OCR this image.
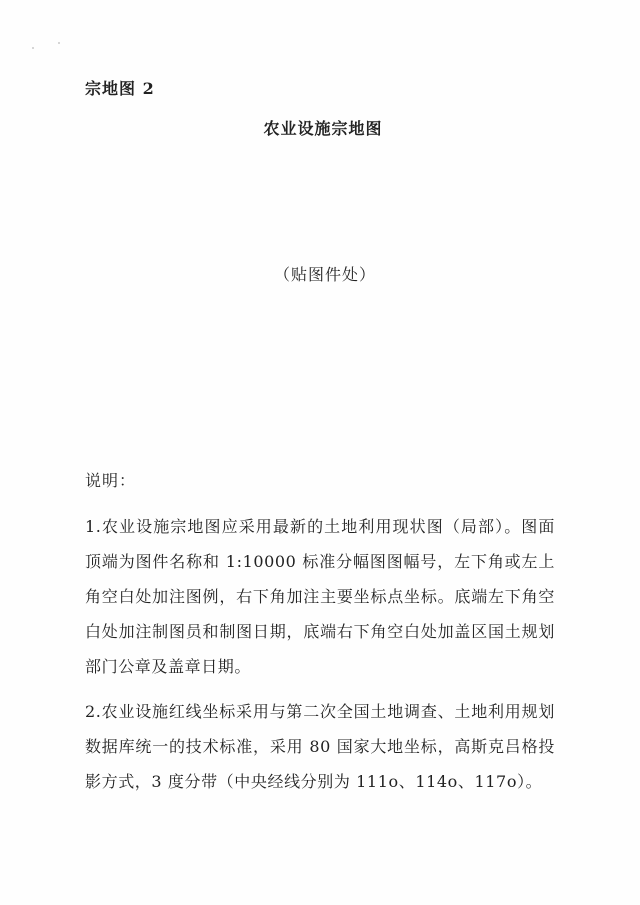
宗地图 2
农业设施宗地图
（贴图件处）
说明：

1.农业设施宗地图应采用最新的土地利用现状图（局部）。图面顶端为图件名称和 1:10000 标准分幅图图幅号，左下角或左上角空白处加注图例，右下角加注主要坐标点坐标。底端左下角空白处加注制图员和制图日期，底端右下角空白处加盖区国土规划部门公章及盖章日期。

2.农业设施红线坐标采用与第二次全国土地调查、土地利用规划数据库统一的技术标准，采用 80 国家大地坐标，高斯克吕格投影方式，3 度分带（中央经线分别为 111o、114o、117o）。
